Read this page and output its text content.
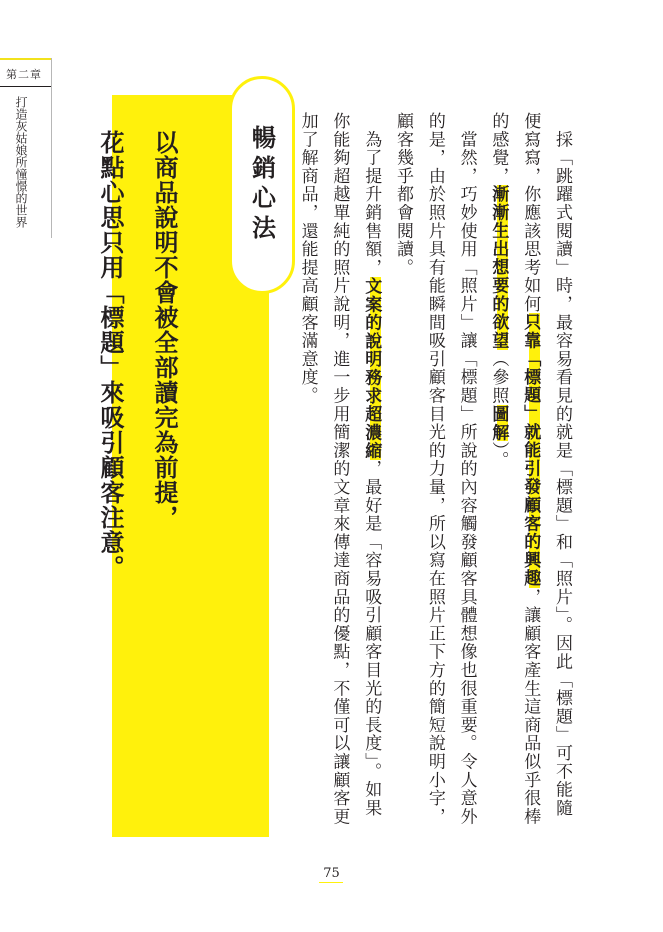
第二章
打造灰姑娘所憧憬的世界	暢銷心法
以商品說明不會被全部讀完為前提，
花點心思只用「標題」來吸引顧客注意。

　	採「跳躍式閱讀」時，最容易看見的就是「標題」和「照片」。因此「標題」可不能隨便寫寫，你應該思考如何只靠「標題」就能引發顧客的興趣，讓顧客產生這商品似乎很棒的感覺，漸漸生出想要的欲望（參照圖解）。

　當然，巧妙使用「照片」讓「標題」所說的內容觸發顧客具體想像也很重要。令人意外的是，由於照片具有能瞬間吸引顧客目光的力量，所以寫在照片正下方的簡短說明小字，顧客幾乎都會閱讀。

　為了提升銷售額，文案的說明務求超濃縮，最好是「容易吸引顧客目光的長度」。如果你能夠超越單純的照片說明，進一步用簡潔的文章來傳達商品的優點，不僅可以讓顧客更加了解商品，還能提高顧客滿意度。

75
